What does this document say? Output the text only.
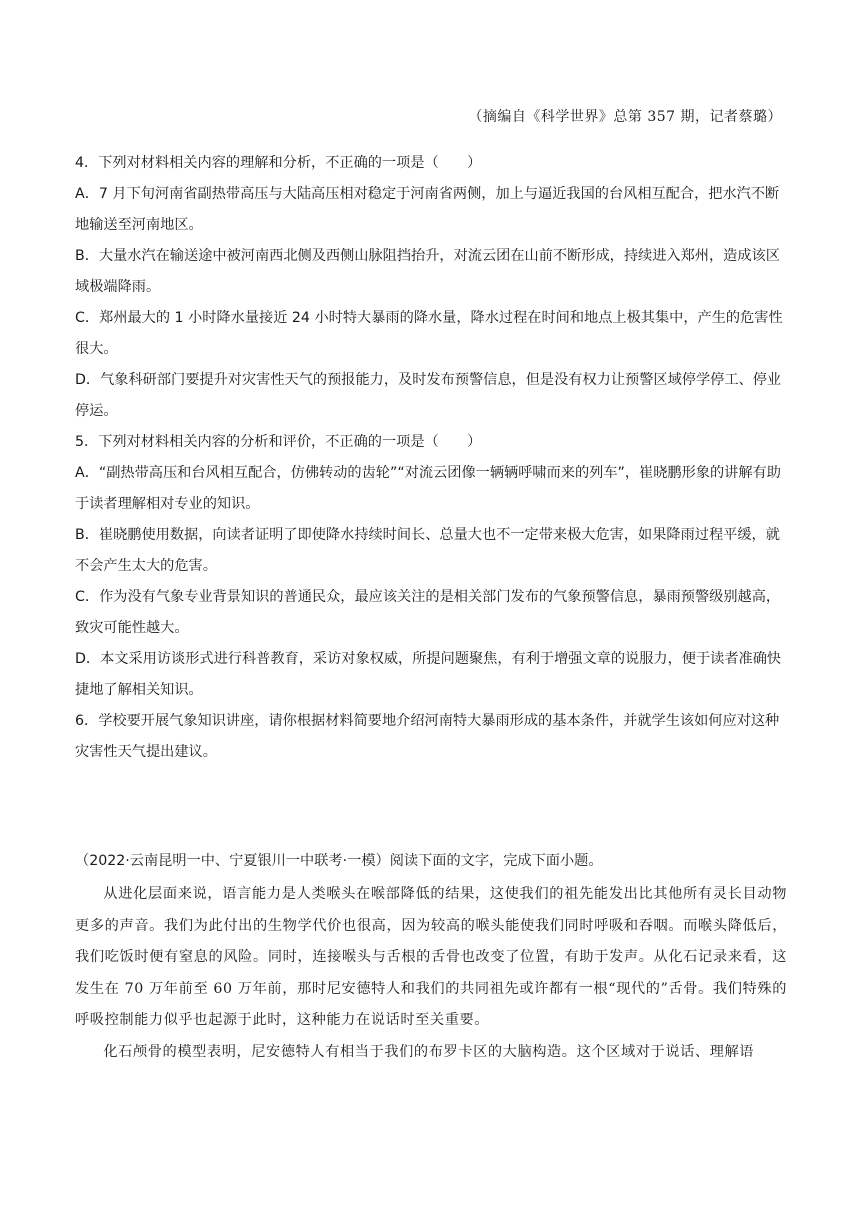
（摘编自《科学世界》总第 357 期，记者蔡璐）

4．下列对材料相关内容的理解和分析，不正确的一项是（　　）

A．7 月下旬河南省副热带高压与大陆高压相对稳定于河南省两侧，加上与逼近我国的台风相互配合，把水汽不断地输送至河南地区。

B．大量水汽在输送途中被河南西北侧及西侧山脉阻挡抬升，对流云团在山前不断形成，持续进入郑州，造成该区域极端降雨。

C．郑州最大的 1 小时降水量接近 24 小时特大暴雨的降水量，降水过程在时间和地点上极其集中，产生的危害性很大。

D．气象科研部门要提升对灾害性天气的预报能力，及时发布预警信息，但是没有权力让预警区域停学停工、停业停运。

5．下列对材料相关内容的分析和评价，不正确的一项是（　　）

A．“副热带高压和台风相互配合，仿佛转动的齿轮”“对流云团像一辆辆呼啸而来的列车”，崔晓鹏形象的讲解有助于读者理解相对专业的知识。

B．崔晓鹏使用数据，向读者证明了即使降水持续时间长、总量大也不一定带来极大危害，如果降雨过程平缓，就不会产生太大的危害。

C．作为没有气象专业背景知识的普通民众，最应该关注的是相关部门发布的气象预警信息，暴雨预警级别越高，致灾可能性越大。

D．本文采用访谈形式进行科普教育，采访对象权威，所提问题聚焦，有利于增强文章的说服力，便于读者准确快捷地了解相关知识。

6．学校要开展气象知识讲座，请你根据材料简要地介绍河南特大暴雨形成的基本条件，并就学生该如何应对这种灾害性天气提出建议。

（2022·云南昆明一中、宁夏银川一中联考·一模）阅读下面的文字，完成下面小题。

从进化层面来说，语言能力是人类喉头在喉部降低的结果，这使我们的祖先能发出比其他所有灵长目动物更多的声音。我们为此付出的生物学代价也很高，因为较高的喉头能使我们同时呼吸和吞咽。而喉头降低后，我们吃饭时便有窒息的风险。同时，连接喉头与舌根的舌骨也改变了位置，有助于发声。从化石记录来看，这发生在 70 万年前至 60 万年前，那时尼安德特人和我们的共同祖先或许都有一根“现代的”舌骨。我们特殊的呼吸控制能力似乎也起源于此时，这种能力在说话时至关重要。

化石颅骨的模型表明，尼安德特人有相当于我们的布罗卡区的大脑构造。这个区域对于说话、理解语
